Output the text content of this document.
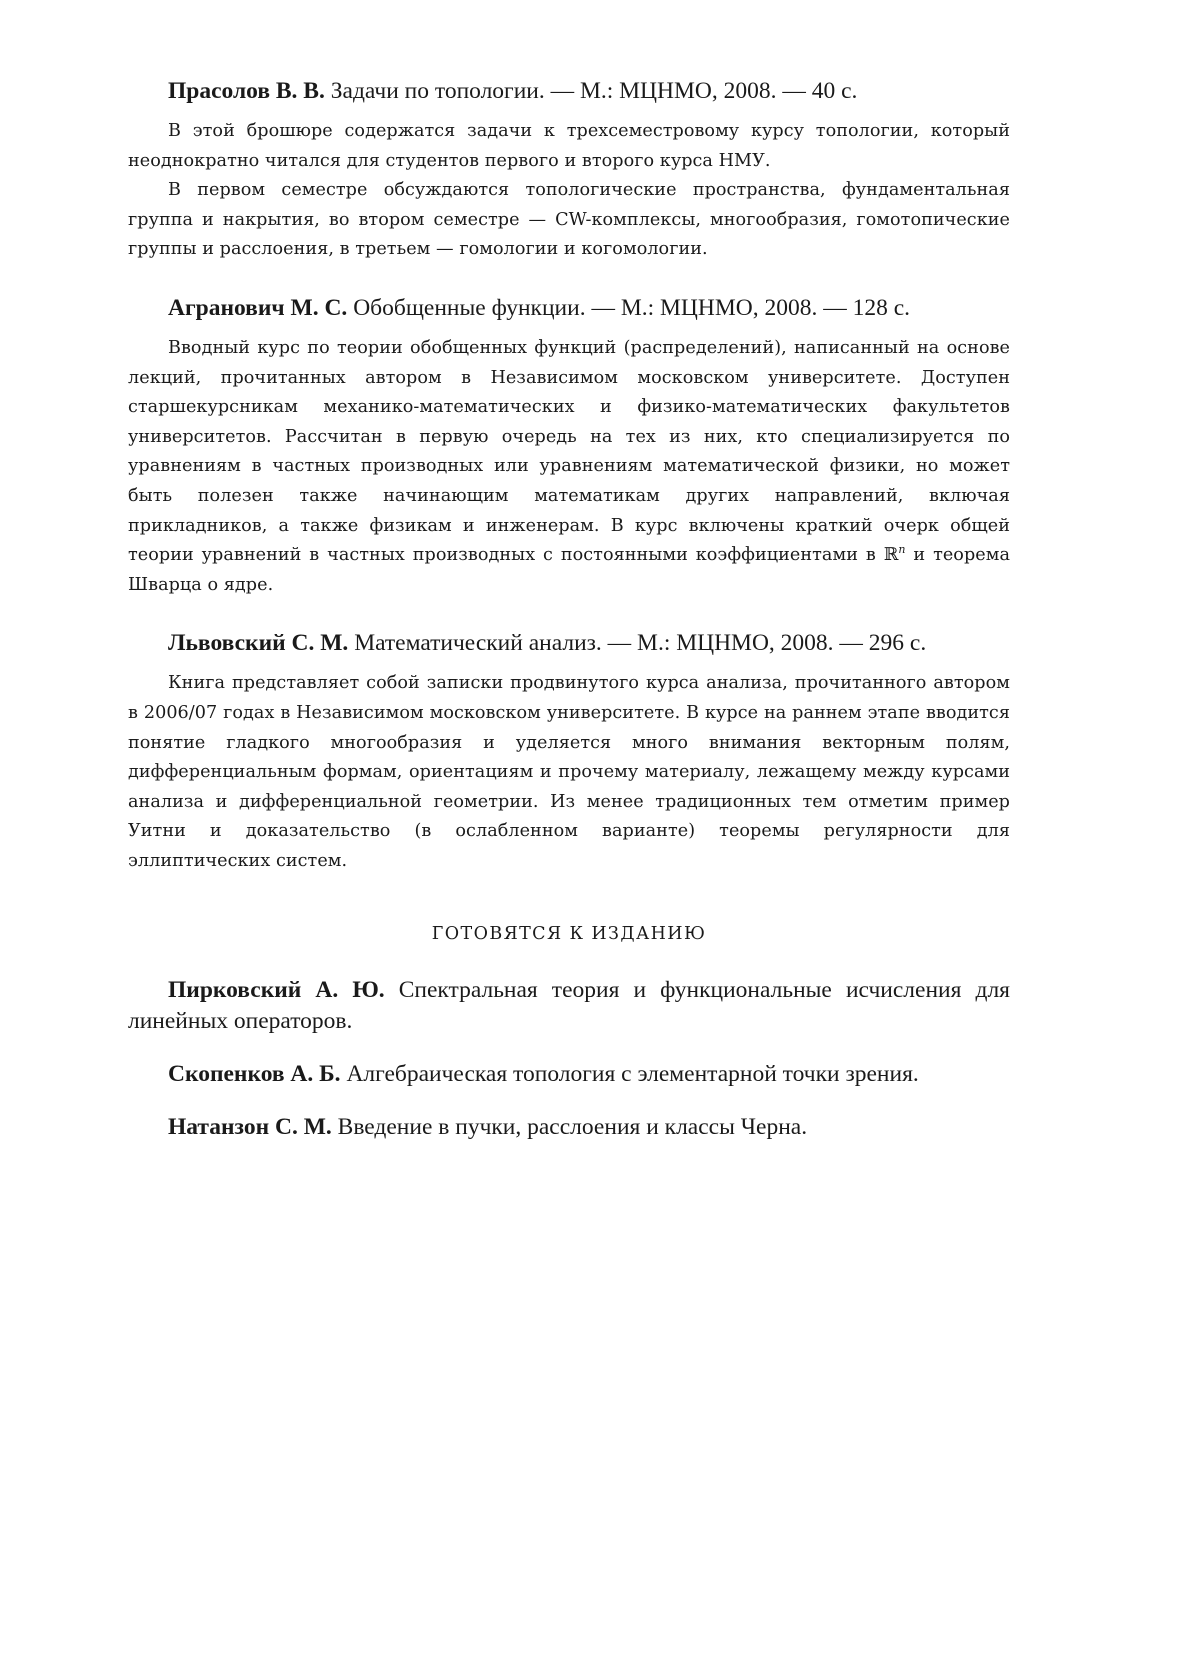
Прасолов В. В. Задачи по топологии. — М.: МЦНМО, 2008. — 40 с.

В этой брошюре содержатся задачи к трехсеместровому курсу топологии, который неоднократно читался для студентов первого и второго курса НМУ.

В первом семестре обсуждаются топологические пространства, фундаментальная группа и накрытия, во втором семестре — CW-комплексы, многообразия, гомотопические группы и расслоения, в третьем — гомологии и когомологии.

Агранович М. С. Обобщенные функции. — М.: МЦНМО, 2008. — 128 с.

Вводный курс по теории обобщенных функций (распределений), написанный на основе лекций, прочитанных автором в Независимом московском университете. Доступен старшекурсникам механико-математических и физико-математических факультетов университетов. Рассчитан в первую очередь на тех из них, кто специализируется по уравнениям в частных производных или уравнениям математической физики, но может быть полезен также начинающим математикам других направлений, включая прикладников, а также физикам и инженерам. В курс включены краткий очерк общей теории уравнений в частных производных с постоянными коэффициентами в ℝ$^n$ и теорема Шварца о ядре.

Львовский С. М. Математический анализ. — М.: МЦНМО, 2008. — 296 с.

Книга представляет собой записки продвинутого курса анализа, прочитанного автором в 2006/07 годах в Независимом московском университете. В курсе на раннем этапе вводится понятие гладкого многообразия и уделяется много внимания векторным полям, дифференциальным формам, ориентациям и прочему материалу, лежащему между курсами анализа и дифференциальной геометрии. Из менее традиционных тем отметим пример Уитни и доказательство (в ослабленном варианте) теоремы регулярности для эллиптических систем.

ГОТОВЯТСЯ К ИЗДАНИЮ

Пирковский А. Ю. Спектральная теория и функциональные исчисления для линейных операторов.

Скопенков А. Б. Алгебраическая топология с элементарной точки зрения.

Натанзон С. М. Введение в пучки, расслоения и классы Черна.
